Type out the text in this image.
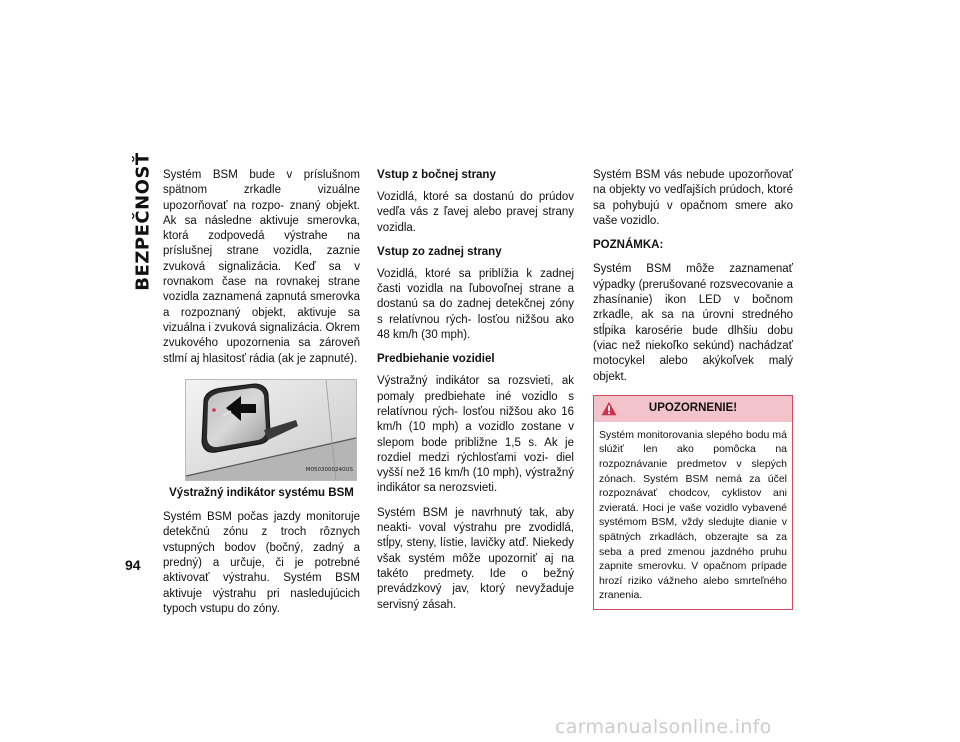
BEZPEČNOSŤ
94

Systém BSM bude v príslušnom spätnom zrkadle vizuálne upozorňovať na rozpo- znaný objekt. Ak sa následne aktivuje smerovka, ktorá zodpovedá výstrahe na príslušnej strane vozidla, zaznie zvuková signalizácia. Keď sa v rovnakom čase na rovnakej strane vozidla zaznamená zapnutá smerovka a rozpoznaný objekt, aktivuje sa vizuálna i zvuková signalizácia. Okrem zvukového upozornenia sa zároveň stlmí aj hlasitosť rádia (ak je zapnuté).

M0503000240US
Výstražný indikátor systému BSM

Systém BSM počas jazdy monitoruje detekčnú zónu z troch rôznych vstupných bodov (bočný, zadný a predný) a určuje, či je potrebné aktivovať výstrahu. Systém BSM aktivuje výstrahu pri nasledujúcich typoch vstupu do zóny.

Vstup z bočnej strany

Vozidlá, ktoré sa dostanú do prúdov vedľa vás z ľavej alebo pravej strany vozidla.

Vstup zo zadnej strany

Vozidlá, ktoré sa priblížia k zadnej časti vozidla na ľubovoľnej strane a dostanú sa do zadnej detekčnej zóny s relatívnou rých- losťou nižšou ako 48 km/h (30 mph).

Predbiehanie vozidiel

Výstražný indikátor sa rozsvieti, ak pomaly predbiehate iné vozidlo s relatívnou rých- losťou nižšou ako 16 km/h (10 mph) a vozidlo zostane v slepom bode približne 1,5 s. Ak je rozdiel medzi rýchlosťami vozi- diel vyšší než 16 km/h (10 mph), výstražný indikátor sa nerozsvieti.

Systém BSM je navrhnutý tak, aby neakti- voval výstrahu pre zvodidlá, stĺpy, steny, lístie, lavičky atď. Niekedy však systém môže upozorniť aj na takéto predmety. Ide o bežný prevádzkový jav, ktorý nevyžaduje servisný zásah.

Systém BSM vás nebude upozorňovať na objekty vo vedľajších prúdoch, ktoré sa pohybujú v opačnom smere ako vaše vozidlo.

POZNÁMKA:

Systém BSM môže zaznamenať výpadky (prerušované rozsvecovanie a zhasínanie) ikon LED v bočnom zrkadle, ak sa na úrovni stredného stĺpika karosérie bude dlhšiu dobu (viac než niekoľko sekúnd) nachádzať motocykel alebo akýkoľvek malý objekt.

UPOZORNENIE!
Systém monitorovania slepého bodu má slúžiť len ako pomôcka na rozpoznávanie predmetov v slepých zónach. Systém BSM nemá za účel rozpoznávať chodcov, cyklistov ani zvieratá. Hoci je vaše vozidlo vybavené systémom BSM, vždy sledujte dianie v spätných zrkadlách, obzerajte sa za seba a pred zmenou jazdného pruhu zapnite smerovku. V opačnom prípade hrozí riziko vážneho alebo smrteľného zranenia.
carmanualsonline.info
